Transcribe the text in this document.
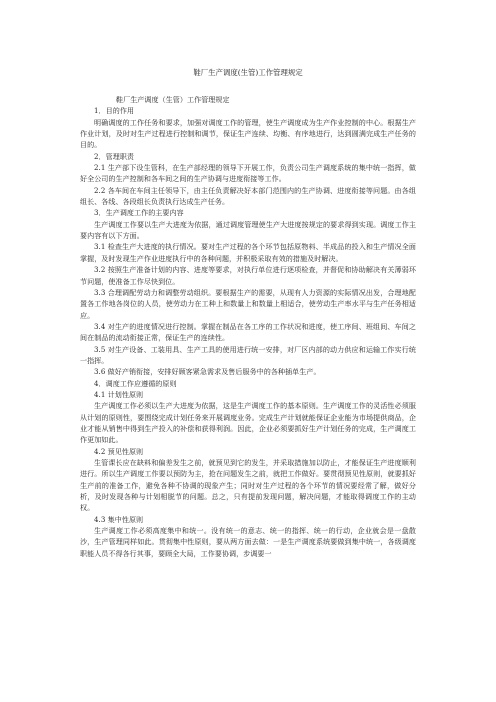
鞋厂生产调度(生管)工作管理规定

鞋厂生产调度（生管）工作管理规定

1．目的作用

明确调度的工作任务和要求，加强对调度工作的管理，使生产调度成为生产作业控制的中心。根据生产作业计划，及时对生产过程进行控制和调节，保证生产连续、均衡、有序地进行，达到圆满完成生产任务的目的。

2．管理职责

2.1 生产部下设生管科，在生产部经理的领导下开展工作，负责公司生产调度系统的集中统一指挥，做好全公司的生产控制和各车间之间的生产协调与进度衔接等工作。

2.2 各车间在车间主任领导下，由主任负责解决好本部门范围内的生产协调、进度衔接等问题。由各组组长、各线、各段组长负责执行达成生产任务。

3．生产调度工作的主要内容

生产调度工作要以生产大进度为依据，通过调度管理使生产大进度按规定的要求得到实现。调度工作主要内容有以下方面。

3.1 检查生产大进度的执行情况。要对生产过程的各个环节包括原物料、半成品的投入和生产情况全面掌握，及时发现生产作业进度执行中的各种问题，并积极采取有效的措施及时解决。

3.2 按照生产准备计划的内容、进度等要求，对执行单位进行逐项检查，并督促和协助解决有关薄弱环节问题，使准备工作尽快到位。

3.3 合理调配劳动力和调整劳动组织。要根据生产的需要，从现有人力资源的实际情况出发，合理地配置各工作地各岗位的人员，使劳动力在工种上和数量上和数量上相适合，使劳动生产率水平与生产任务相适应。

3.4 对生产的进度情况进行控制。掌握在制品在各工序的工作状况和进度，使工序间、班组间、车间之间在制品的流动衔接正常，保证生产的连续性。

3.5 对生产设备、工装用具、生产工具的使用进行统一安排，对厂区内部的动力供应和运输工作实行统一指挥。

3.6 做好产销衔接，安排好顾客紧急需求及售后服务中的各种插单生产。

4．调度工作应遵循的原则

4.1 计划性原则

生产调度工作必须以生产大进度为依据，这是生产调度工作的基本原则。生产调度工作的灵活性必须服从计划的原则性，要围绕完成计划任务来开展调度业务。完成生产计划就能保证企业能为市场提供商品，企业才能从销售中得到生产投入的补偿和获得利润。因此，企业必须要抓好生产计划任务的完成，生产调度工作更加如此。

4.2 预见性原则

生管课长应在缺料和偏差发生之前，就预见到它的发生，并采取措施加以防止，才能保证生产进度顺利进行。所以生产调度工作要以预防为主，抢在问题发生之前，就把工作做好。要贯彻预见性原则，就要抓好生产前的准备工作，避免各种不协调的现象产生；同时对生产过程的各个环节的情况要经常了解，做好分析，及时发现各种与计划相脱节的问题。总之，只有提前发现问题，解决问题，才能取得调度工作的主动权。

4.3 集中性原则

生产调度工作必须高度集中和统一。没有统一的意志、统一的指挥、统一的行动，企业就会是一盘散沙，生产管理同样如此。贯彻集中性原则，要从两方面去做：一是生产调度系统要做到集中统一，各级调度职能人员不得各行其事，要顾全大局，工作要协调，步调要一
